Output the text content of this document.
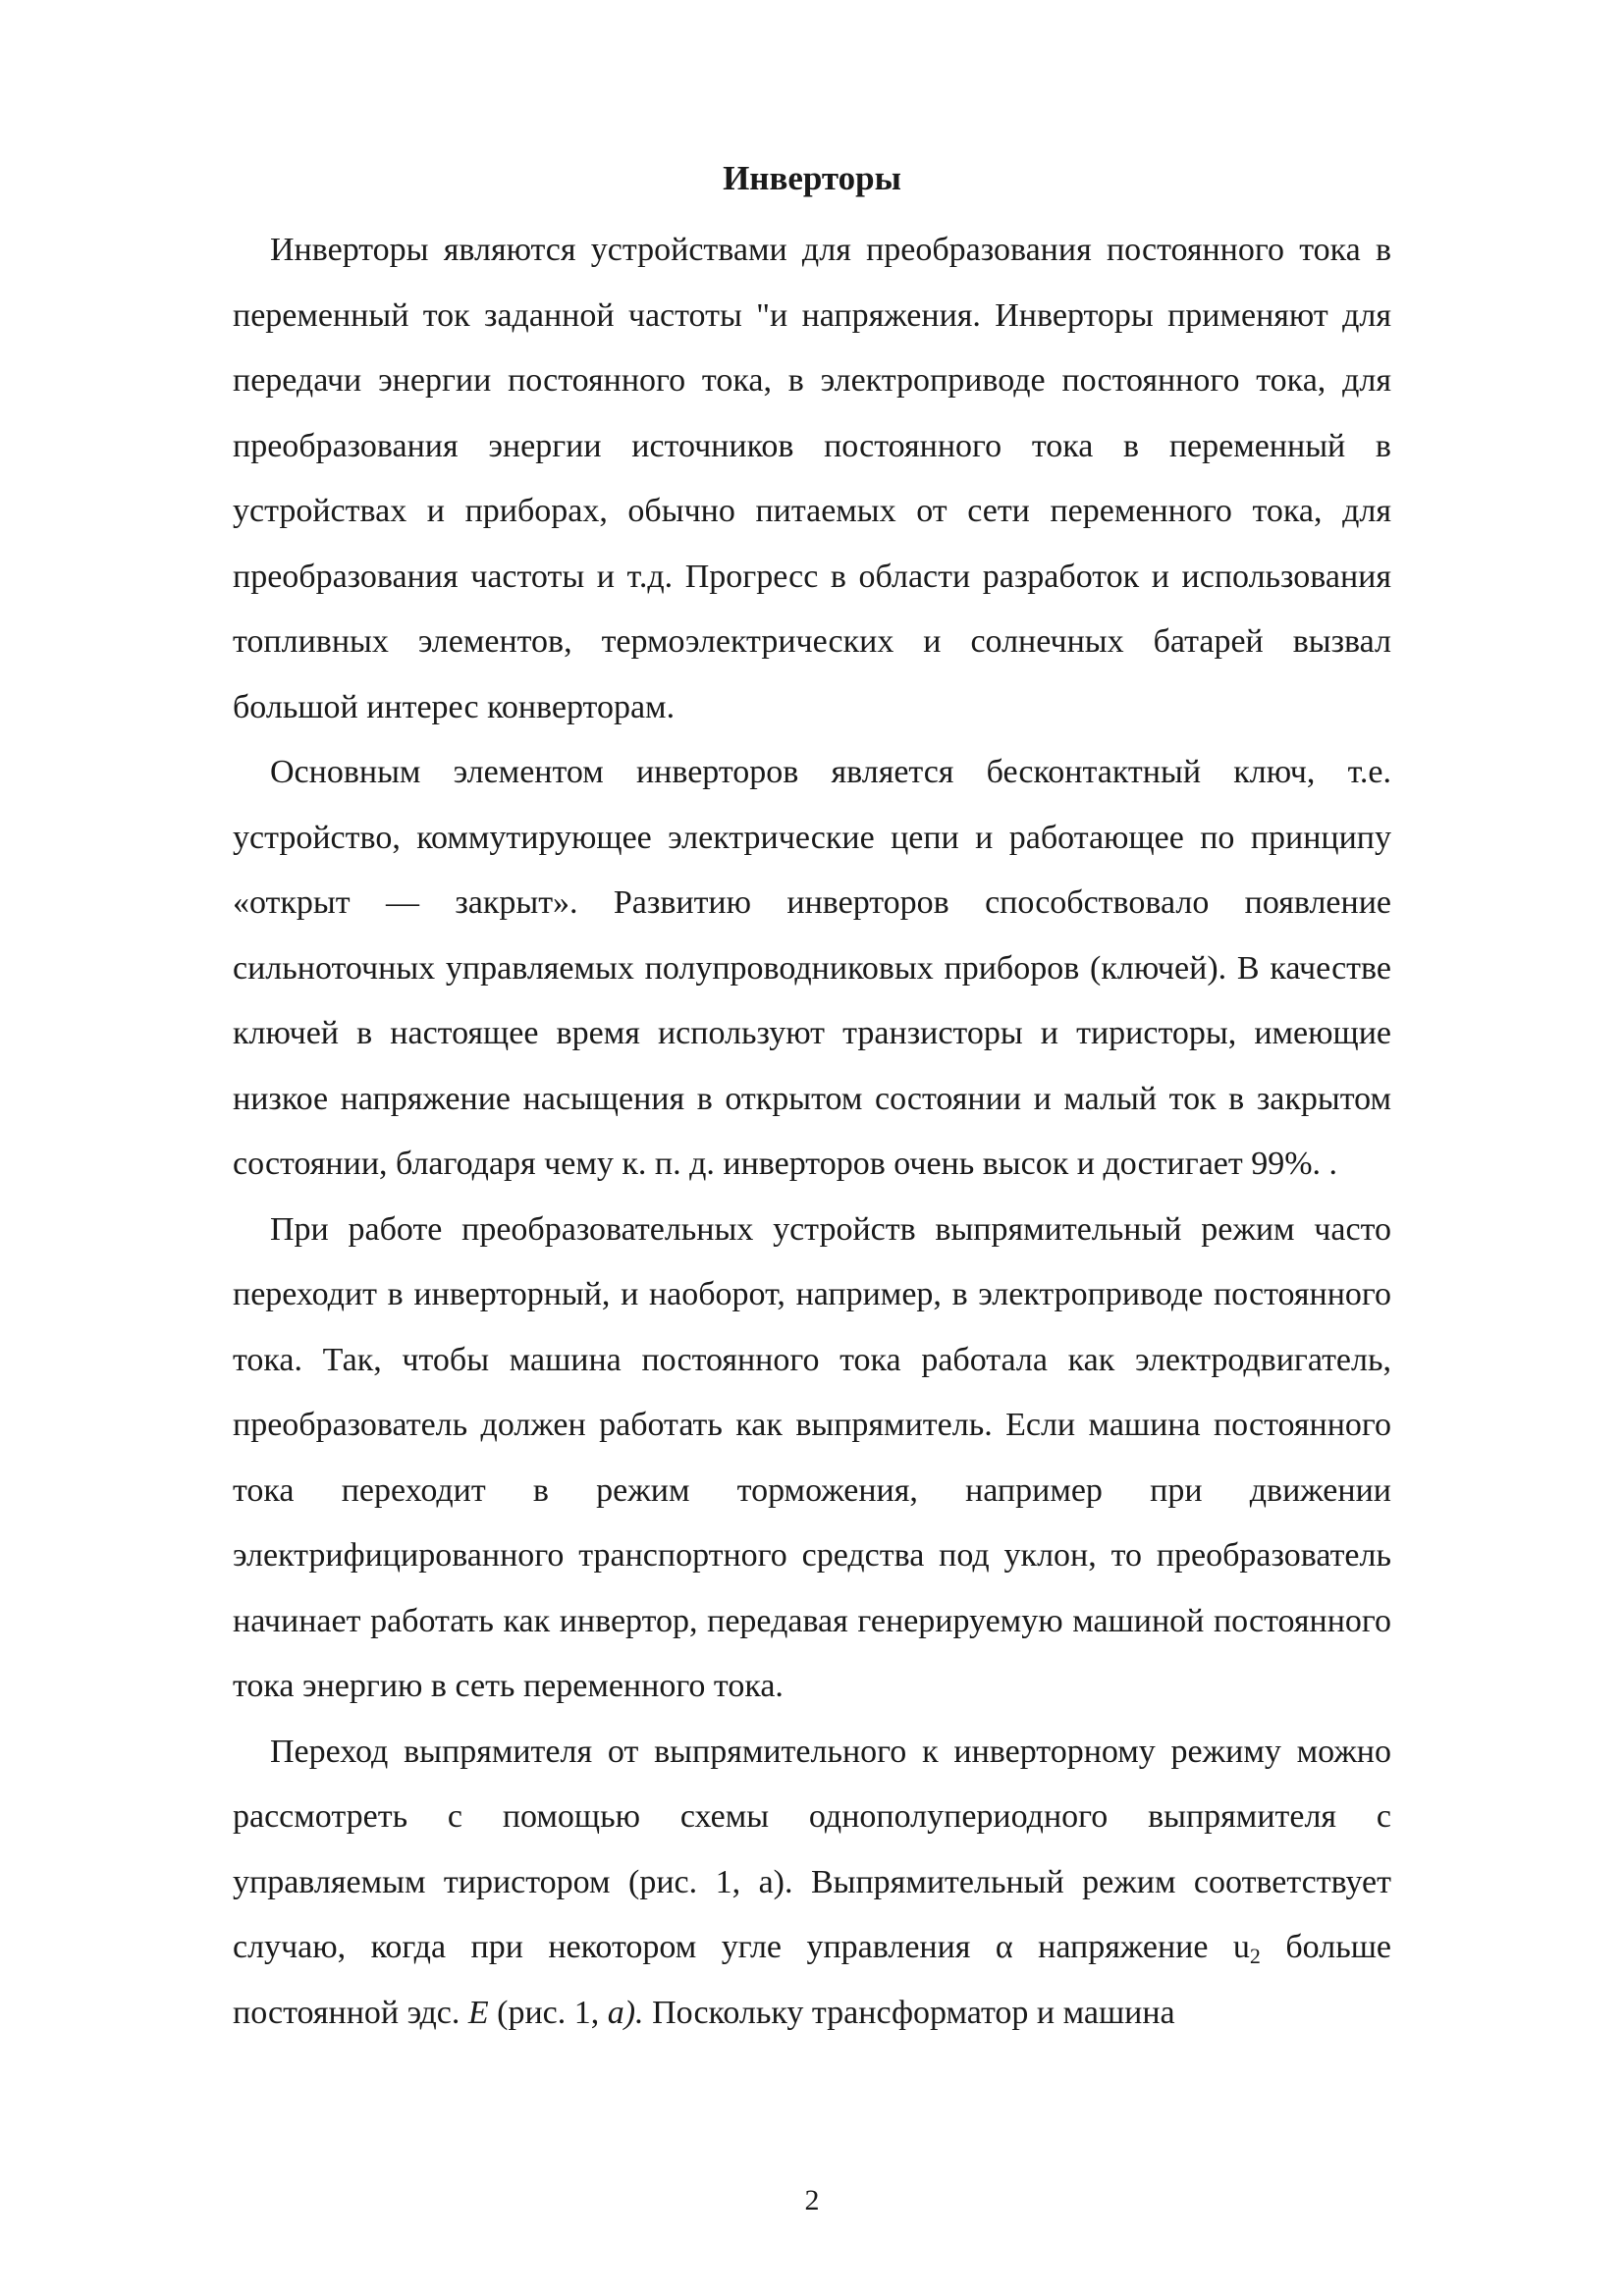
Инверторы

Инверторы являются устройствами для преобразования постоянного тока в переменный ток заданной частоты "и напряжения. Инверторы применяют для передачи энергии постоянного тока, в электроприводе постоянного тока, для преобразования энергии источников постоянного тока в переменный в устройствах и приборах, обычно питаемых от сети переменного тока, для преобразования частоты и т.д. Прогресс в области разработок и использования топливных элементов, термоэлектрических и солнечных батарей вызвал большой интерес конверторам.

Основным элементом инверторов является бесконтактный ключ, т.е. устройство, коммутирующее электрические цепи и работающее по принципу «открыт — закрыт». Развитию инверторов способствовало появление сильноточных управляемых полупроводниковых приборов (ключей). В качестве ключей в настоящее время используют транзисторы и тиристоры, имеющие низкое напряжение насыщения в открытом состоянии и малый ток в закрытом состоянии, благодаря чему к. п. д. инверторов очень высок и достигает 99%. .

При работе преобразовательных устройств выпрямительный режим часто переходит в инверторный, и наоборот, например, в электроприводе постоянного тока. Так, чтобы машина постоянного тока работала как электродвигатель, преобразователь должен работать как выпрямитель. Если машина постоянного тока переходит в режим торможения, например при движении электрифицированного транспортного средства под уклон, то преобразователь начинает работать как инвертор, передавая генерируемую машиной постоянного тока энергию в сеть переменного тока.

Переход выпрямителя от выпрямительного к инверторному режиму можно рассмотреть с помощью схемы однополупериодного выпрямителя с управляемым тиристором (рис. 1, а). Выпрямительный режим соответствует случаю, когда при некотором угле управления α напряжение $u_2$ больше постоянной эдс. E (рис. 1, а). Поскольку трансформатор и машина

2
